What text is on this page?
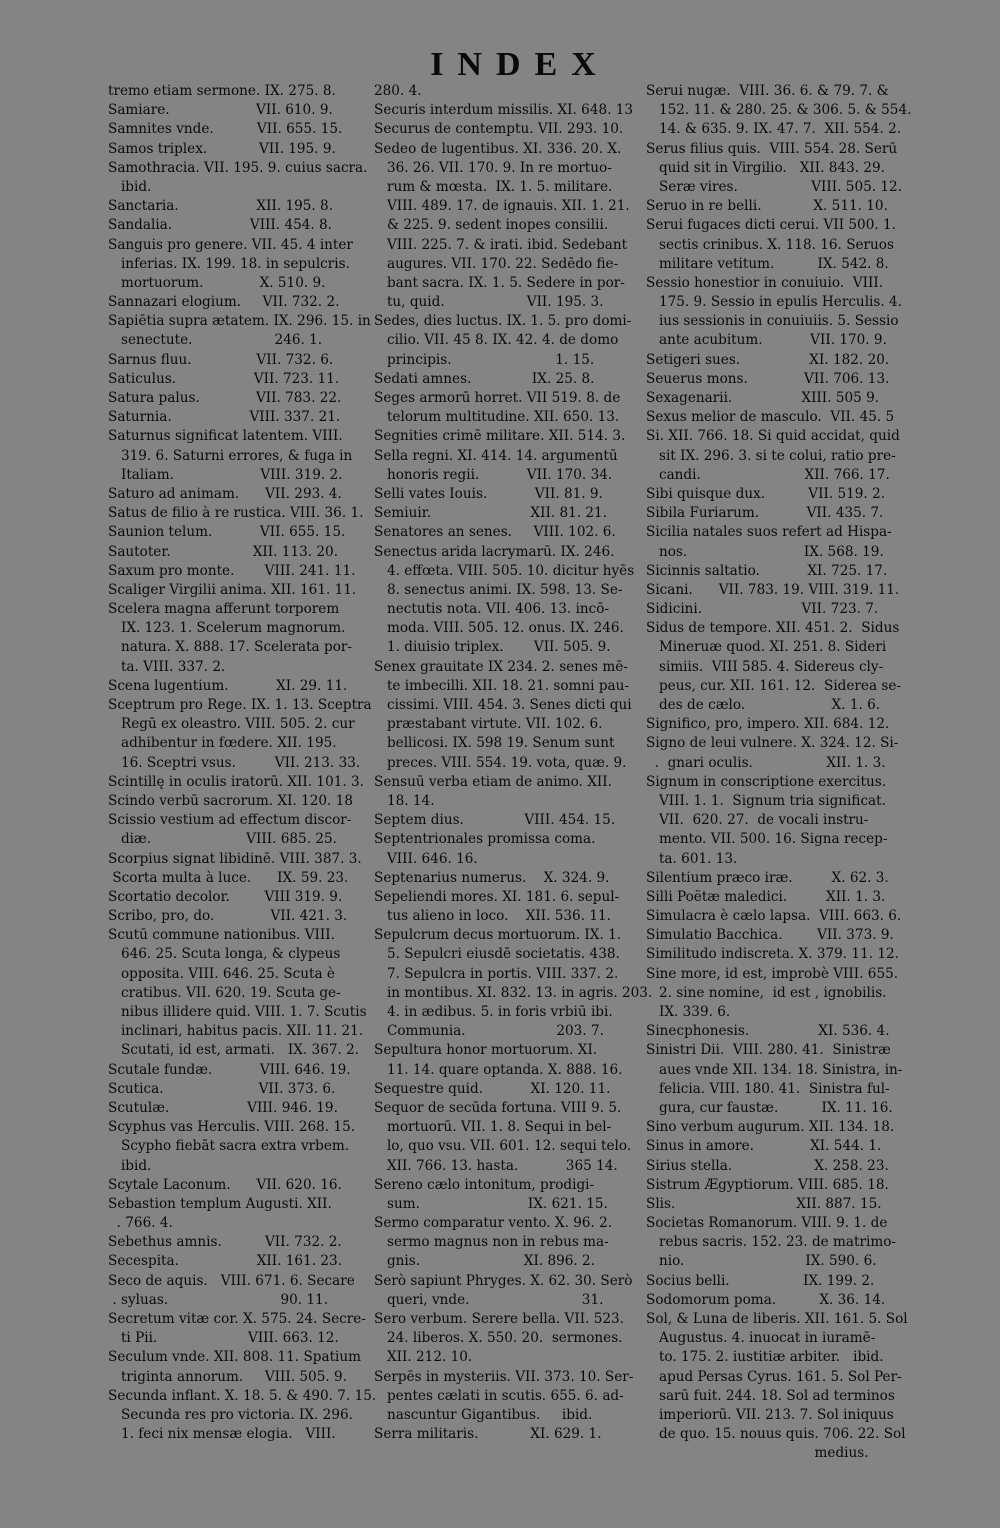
INDEX
tremo etiam sermone. IX. 275. 8.
Samiare.                    VII. 610. 9.
Samnites vnde.          VII. 655. 15.
Samos triplex.            VII. 195. 9.
Samothracia. VII. 195. 9. cuius sacra.
ibid.
Sanctaria.                  XII. 195. 8.
Sandalia.                  VIII. 454. 8.
Sanguis pro genere. VII. 45. 4 inter
inferias. IX. 199. 18. in sepulcris.
mortuorum.             X. 510. 9.
Sannazari elogium.     VII. 732. 2.
Sapiētia supra ætatem. IX. 296. 15. in
senectute.                   246. 1.
Sarnus fluu.               VII. 732. 6.
Saticulus.                  VII. 723. 11.
Satura palus.             VII. 783. 22.
Saturnia.                  VIII. 337. 21.
Saturnus significat latentem. VIII.
319. 6. Saturni errores, & fuga in
Italiam.                    VIII. 319. 2.
Saturo ad animam.      VII. 293. 4.
Satus de filio à re rustica. VIII. 36. 1.
Saunion telum.           VII. 655. 15.
Sautoter.                   XII. 113. 20.
Saxum pro monte.       VIII. 241. 11.
Scaliger Virgilii anima. XII. 161. 11.
Scelera magna afferunt torporem
IX. 123. 1. Scelerum magnorum.
natura. X. 888. 17. Scelerata por-
ta. VIII. 337. 2.
Scena lugentium.           XI. 29. 11.
Sceptrum pro Rege. IX. 1. 13. Sceptra
Regū ex oleastro. VIII. 505. 2. cur
adhibentur in fœdere. XII. 195.
16. Sceptri vsus.         VII. 213. 33.
Scintillę in oculis iratorū. XII. 101. 3.
Scindo verbū sacrorum. XI. 120. 18
Scissio vestium ad effectum discor-
diæ.                      VIII. 685. 25.
Scorpius signat libidinē. VIII. 387. 3.
Scorta multa à luce.      IX. 59. 23.
Scortatio decolor.        VIII 319. 9.
Scribo, pro, do.             VII. 421. 3.
Scutū commune nationibus. VIII.
646. 25. Scuta longa, & clypeus
opposita. VIII. 646. 25. Scuta è
cratibus. VII. 620. 19. Scuta ge-
nibus illidere quid. VIII. 1. 7. Scutis
inclinari, habitus pacis. XII. 11. 21.
Scutati, id est, armati.   IX. 367. 2.
Scutale fundæ.           VIII. 646. 19.
Scutica.                      VII. 373. 6.
Scutulæ.                  VIII. 946. 19.
Scyphus vas Herculis. VIII. 268. 15.
Scypho fiebāt sacra extra vrbem.
ibid.
Scytale Laconum.      VII. 620. 16.
Sebastion templum Augusti. XII.
. 766. 4.
Sebethus amnis.          VII. 732. 2.
Secespita.                  XII. 161. 23.
Seco de aquis.   VIII. 671. 6. Secare
. syluas.                          90. 11.
Secretum vitæ cor. X. 575. 24. Secre-
ti Pii.                     VIII. 663. 12.
Seculum vnde. XII. 808. 11. Spatium
triginta annorum.     VIII. 505. 9.
Secunda inflant. X. 18. 5. & 490. 7. 15.
Secunda res pro victoria. IX. 296.
1. feci nix mensæ elogia.   VIII.
280. 4.
Securis interdum missilis. XI. 648. 13
Securus de contemptu. VII. 293. 10.
Sedeo de lugentibus. XI. 336. 20. X.
36. 26. VII. 170. 9. In re mortuo-
rum & mœsta.  IX. 1. 5. militare.
VIII. 489. 17. de ignauis. XII. 1. 21.
& 225. 9. sedent inopes consilii.
VIII. 225. 7. & irati. ibid. Sedebant
augures. VII. 170. 22. Sedēdo fie-
bant sacra. IX. 1. 5. Sedere in por-
tu, quid.                   VII. 195. 3.
Sedes, dies luctus. IX. 1. 5. pro domi-
cilio. VII. 45 8. IX. 42. 4. de domo
principis.                        1. 15.
Sedati amnes.              IX. 25. 8.
Seges armorū horret. VII 519. 8. de
telorum multitudine. XII. 650. 13.
Segnities crimē militare. XII. 514. 3.
Sella regni. XI. 414. 14. argumentū
honoris regii.           VII. 170. 34.
Selli vates Iouis.           VII. 81. 9.
Semiuir.                       XII. 81. 21.
Senatores an senes.     VIII. 102. 6.
Senectus arida lacrymarū. IX. 246.
4. effœta. VIII. 505. 10. dicitur hyēs
8. senectus animi. IX. 598. 13. Se-
nectutis nota. VII. 406. 13. incō-
moda. VIII. 505. 12. onus. IX. 246.
1. diuisio triplex.       VII. 505. 9.
Senex grauitate IX 234. 2. senes mē-
te imbecilli. XII. 18. 21. somni pau-
cissimi. VIII. 454. 3. Senes dicti qui
præstabant virtute. VII. 102. 6.
bellicosi. IX. 598 19. Senum sunt
preces. VIII. 554. 19. vota, quæ. 9.
Sensuū verba etiam de animo. XII.
18. 14.
Septem dius.              VIII. 454. 15.
Septentrionales promissa coma.
VIII. 646. 16.
Septenarius numerus.    X. 324. 9.
Sepeliendi mores. XI. 181. 6. sepul-
tus alieno in loco.    XII. 536. 11.
Sepulcrum decus mortuorum. IX. 1.
5. Sepulcri eiusdē societatis. 438.
7. Sepulcra in portis. VIII. 337. 2.
in montibus. XI. 832. 13. in agris. 203.
4. in ædibus. 5. in foris vrbiū ibi.
Communia.                     203. 7.
Sepultura honor mortuorum. XI.
11. 14. quare optanda. X. 888. 16.
Sequestre quid.           XI. 120. 11.
Sequor de secūda fortuna. VIII 9. 5.
mortuorū. VII. 1. 8. Sequi in bel-
lo, quo vsu. VII. 601. 12. sequi telo.
XII. 766. 13. hasta.           365 14.
Sereno cælo intonitum, prodigi-
sum.                         IX. 621. 15.
Sermo comparatur vento. X. 96. 2.
sermo magnus non in rebus ma-
gnis.                        XI. 896. 2.
Serò sapiunt Phryges. X. 62. 30. Serò
queri, vnde.                          31.
Sero verbum. Serere bella. VII. 523.
24. liberos. X. 550. 20.  sermones.
XII. 212. 10.
Serpēs in mysteriis. VII. 373. 10. Ser-
pentes cælati in scutis. 655. 6. ad-
nascuntur Gigantibus.     ibid.
Serra militaris.            XI. 629. 1.
Serui nugæ.  VIII. 36. 6. & 79. 7. &
152. 11. & 280. 25. & 306. 5. & 554.
14. & 635. 9. IX. 47. 7.  XII. 554. 2.
Serus filius quis.  VIII. 554. 28. Serū
quid sit in Virgilio.   XII. 843. 29.
Seræ vires.                 VIII. 505. 12.
Seruo in re belli.            X. 511. 10.
Serui fugaces dicti cerui. VII 500. 1.
sectis crinibus. X. 118. 16. Seruos
militare vetitum.          IX. 542. 8.
Sessio honestior in conuiuio.  VIII.
175. 9. Sessio in epulis Herculis. 4.
ius sessionis in conuiuiis. 5. Sessio
ante acubitum.           VII. 170. 9.
Setigeri sues.                XI. 182. 20.
Seuerus mons.             VII. 706. 13.
Sexagenarii.                XIII. 505 9.
Sexus melior de masculo.  VII. 45. 5
Si. XII. 766. 18. Si quid accidat, quid
sit IX. 296. 3. si te colui, ratio pre-
candi.                        XII. 766. 17.
Sibi quisque dux.          VII. 519. 2.
Sibila Furiarum.           VII. 435. 7.
Sicilia natales suos refert ad Hispa-
nos.                           IX. 568. 19.
Sicinnis saltatio.           XI. 725. 17.
Sicani.      VII. 783. 19. VIII. 319. 11.
Sidicini.                       VII. 723. 7.
Sidus de tempore. XII. 451. 2.  Sidus
Mineruæ quod. XI. 251. 8. Sideri
simiis.  VIII 585. 4. Sidereus cly-
peus, cur. XII. 161. 12.  Siderea se-
des de cælo.                    X. 1. 6.
Significo, pro, impero. XII. 684. 12.
Signo de leui vulnere. X. 324. 12. Si-
.  gnari oculis.                 XII. 1. 3.
Signum in conscriptione exercitus.
VIII. 1. 1.  Signum tria significat.
VII.  620. 27.  de vocali instru-
mento. VII. 500. 16. Signa recep-
ta. 601. 13.
Silentium præco iræ.         X. 62. 3.
Silli Poëtæ maledici.         XII. 1. 3.
Simulacra è cælo lapsa.  VIII. 663. 6.
Simulatio Bacchica.        VII. 373. 9.
Similitudo indiscreta. X. 379. 11. 12.
Sine more, id est, improbè VIII. 655.
2. sine nomine,  id est , ignobilis.
IX. 339. 6.
Sinecphonesis.                XI. 536. 4.
Sinistri Dii.  VIII. 280. 41.  Sinistræ
aues vnde XII. 134. 18. Sinistra, in-
felicia. VIII. 180. 41.  Sinistra ful-
gura, cur faustæ.          IX. 11. 16.
Sino verbum augurum. XII. 134. 18.
Sinus in amore.             XI. 544. 1.
Sirius stella.                   X. 258. 23.
Sistrum Ægyptiorum. VIII. 685. 18.
Slis.                            XII. 887. 15.
Societas Romanorum. VIII. 9. 1. de
rebus sacris. 152. 23. de matrimo-
nio.                            IX. 590. 6.
Socius belli.                 IX. 199. 2.
Sodomorum poma.          X. 36. 14.
Sol, & Luna de liberis. XII. 161. 5. Sol
Augustus. 4. inuocat in iuramē-
to. 175. 2. iustitiæ arbiter.   ibid.
apud Persas Cyrus. 161. 5. Sol Per-
sarū fuit. 244. 18. Sol ad terminos
imperiorū. VII. 213. 7. Sol iniquus
de quo. 15. nouus quis. 706. 22. Sol
medius.
